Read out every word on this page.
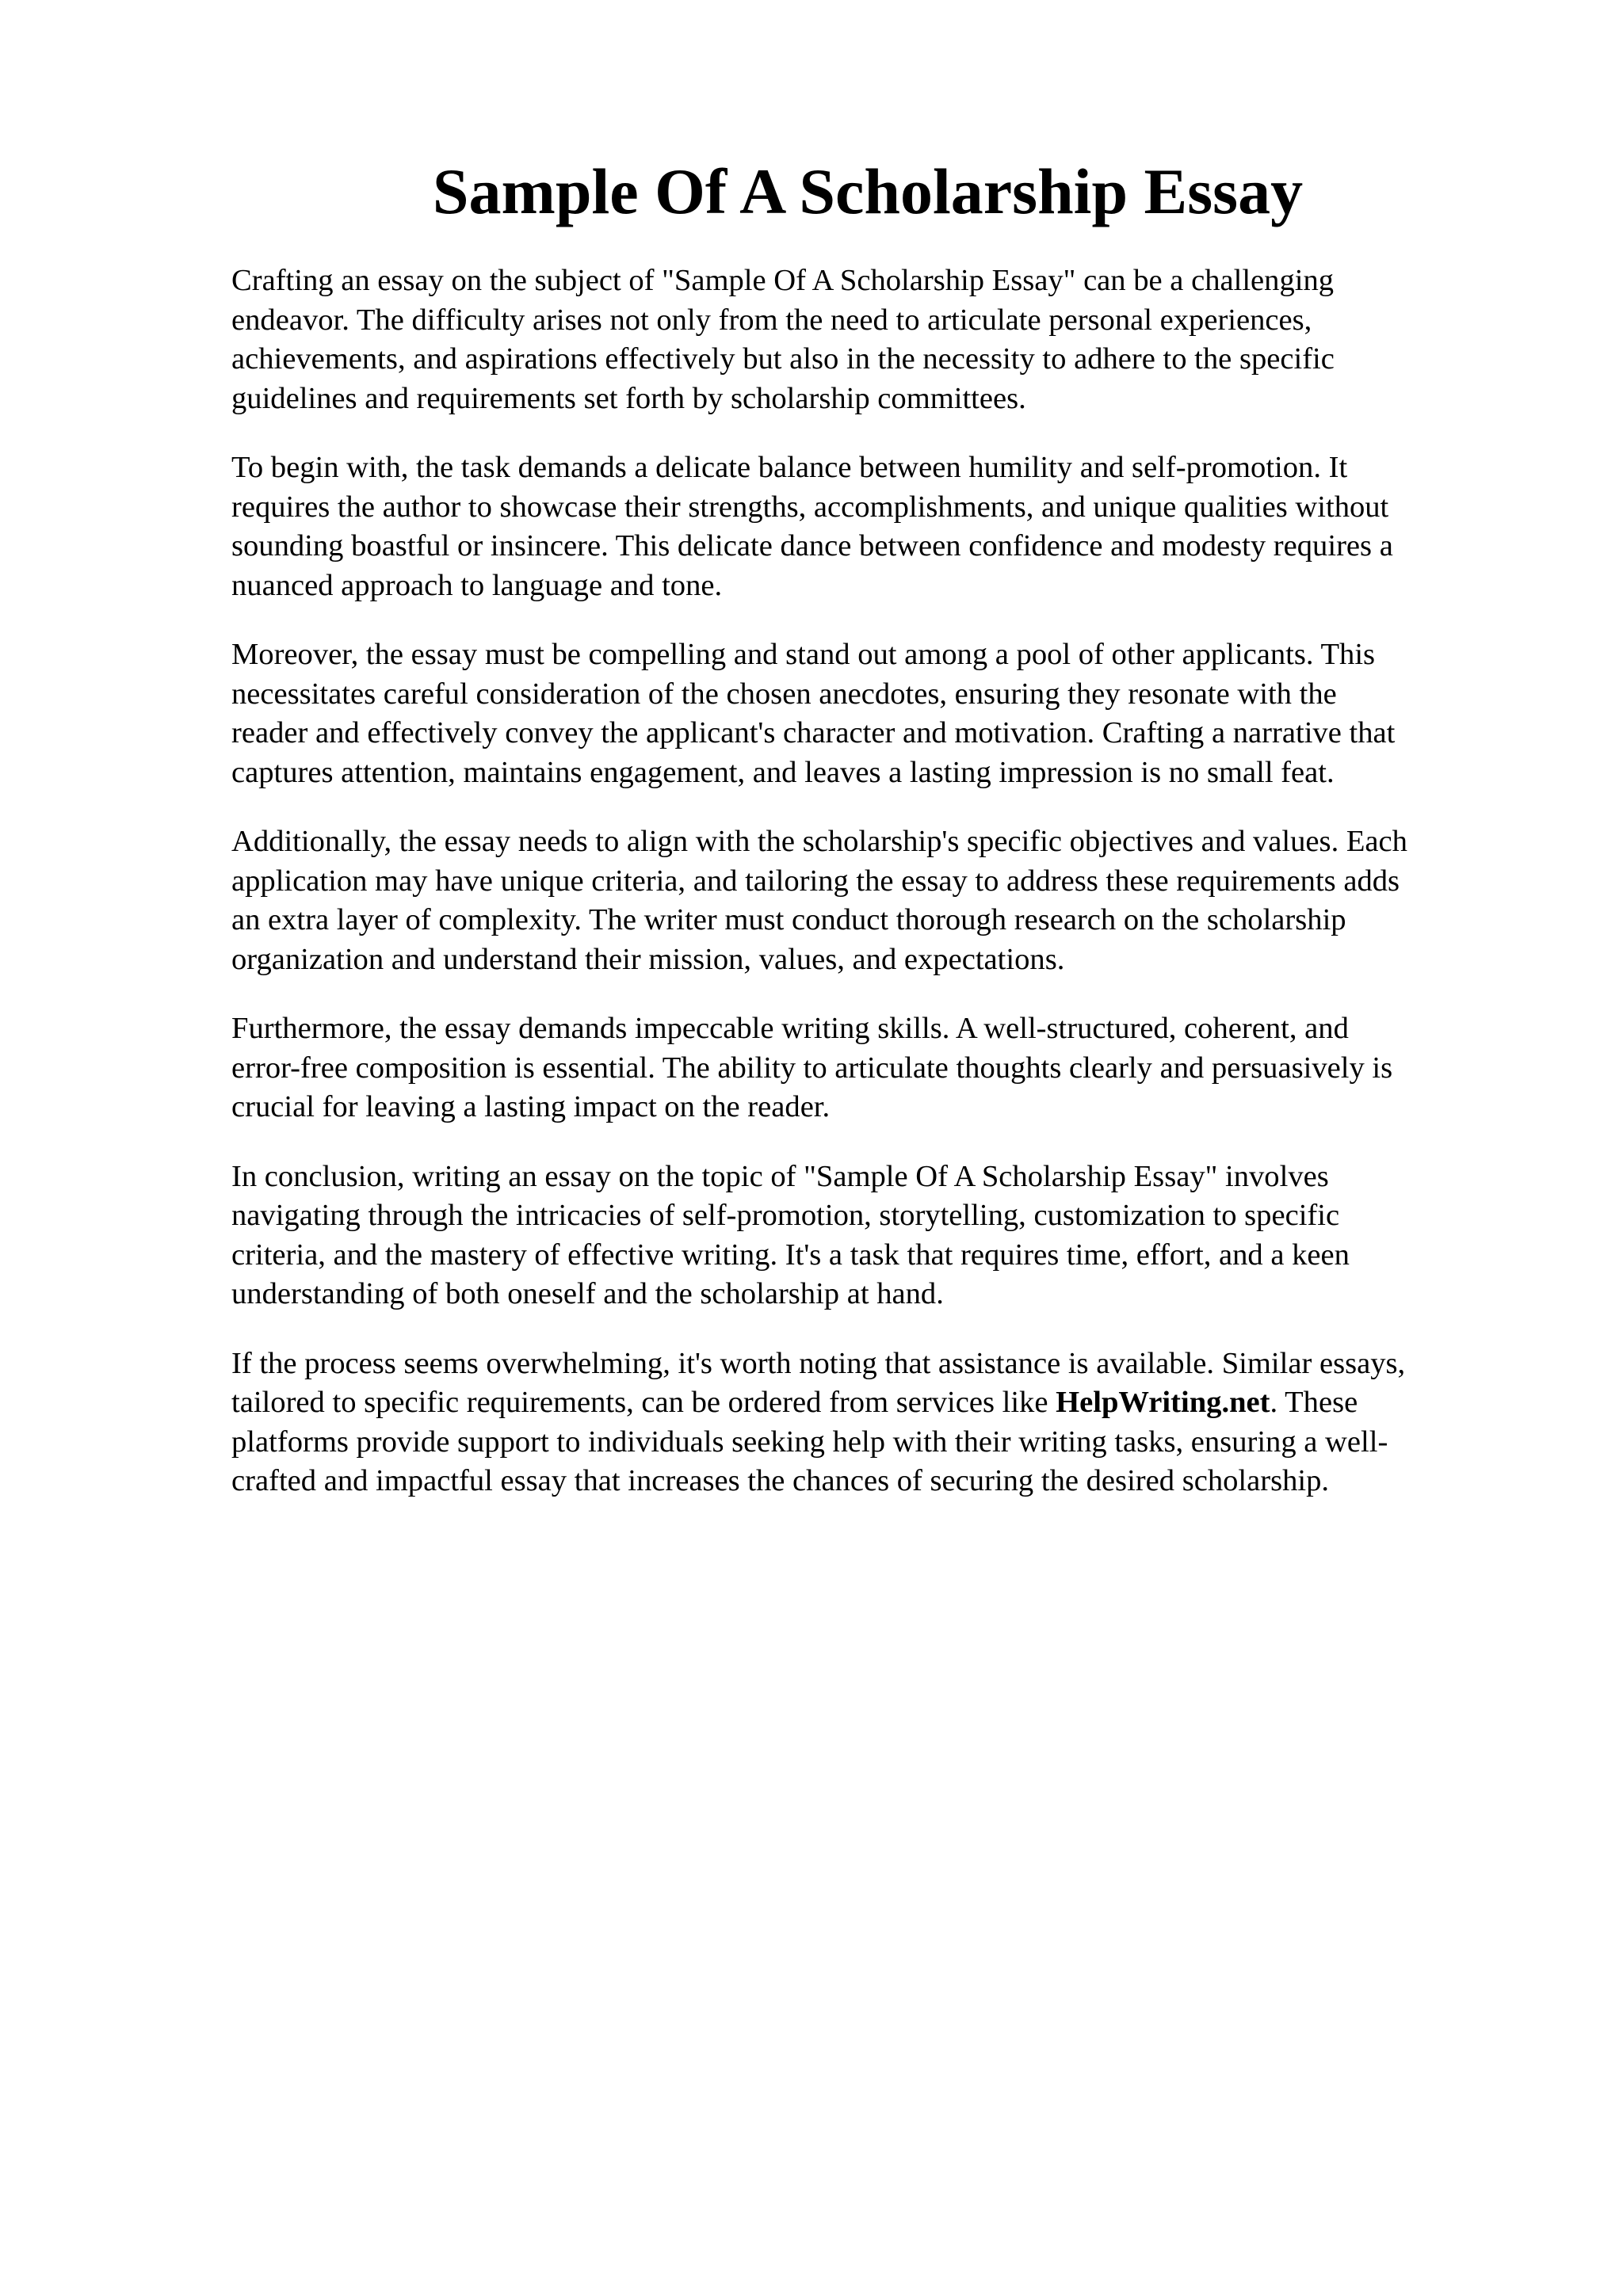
Sample Of A Scholarship Essay

Crafting an essay on the subject of "Sample Of A Scholarship Essay" can be a challenging
endeavor. The difficulty arises not only from the need to articulate personal experiences,
achievements, and aspirations effectively but also in the necessity to adhere to the specific
guidelines and requirements set forth by scholarship committees.

To begin with, the task demands a delicate balance between humility and self-promotion. It
requires the author to showcase their strengths, accomplishments, and unique qualities without
sounding boastful or insincere. This delicate dance between confidence and modesty requires a
nuanced approach to language and tone.

Moreover, the essay must be compelling and stand out among a pool of other applicants. This
necessitates careful consideration of the chosen anecdotes, ensuring they resonate with the
reader and effectively convey the applicant's character and motivation. Crafting a narrative that
captures attention, maintains engagement, and leaves a lasting impression is no small feat.

Additionally, the essay needs to align with the scholarship's specific objectives and values. Each
application may have unique criteria, and tailoring the essay to address these requirements adds
an extra layer of complexity. The writer must conduct thorough research on the scholarship
organization and understand their mission, values, and expectations.

Furthermore, the essay demands impeccable writing skills. A well-structured, coherent, and
error-free composition is essential. The ability to articulate thoughts clearly and persuasively is
crucial for leaving a lasting impact on the reader.

In conclusion, writing an essay on the topic of "Sample Of A Scholarship Essay" involves
navigating through the intricacies of self-promotion, storytelling, customization to specific
criteria, and the mastery of effective writing. It's a task that requires time, effort, and a keen
understanding of both oneself and the scholarship at hand.

If the process seems overwhelming, it's worth noting that assistance is available. Similar essays,
tailored to specific requirements, can be ordered from services like HelpWriting.net. These
platforms provide support to individuals seeking help with their writing tasks, ensuring a well-
crafted and impactful essay that increases the chances of securing the desired scholarship.
